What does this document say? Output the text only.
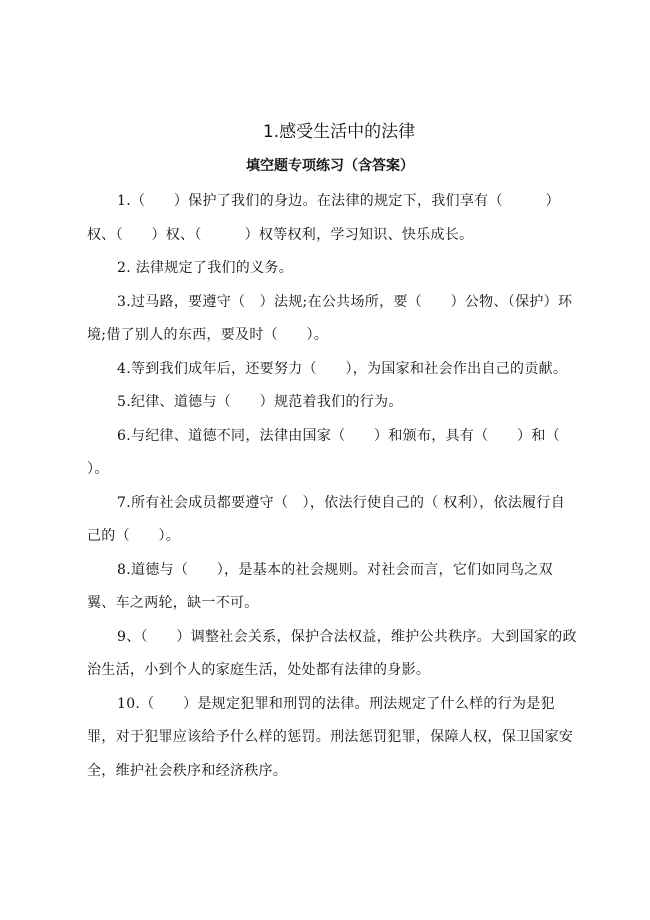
1.感受生活中的法律
填空题专项练习（含答案）

1.（　　）保护了我们的身边。在法律的规定下，我们享有（　　　）权、（　　）权、（　　　）权等权利，学习知识、快乐成长。

2. 法律规定了我们的义务。

3.过马路，要遵守（　）法规;在公共场所，要（　　）公物、（保护）环境;借了别人的东西，要及时（　　）。

4.等到我们成年后，还要努力（　　），为国家和社会作出自己的贡献。

5.纪律、道德与（　　）规范着我们的行为。

6.与纪律、道德不同，法律由国家（　　）和颁布，具有（　　）和（　　）。

7.所有社会成员都要遵守（　），依法行使自己的（ 权利），依法履行自己的（　　）。

8.道德与（　　），是基本的社会规则。对社会而言，它们如同鸟之双翼、车之两轮，缺一不可。

9、（　　）调整社会关系，保护合法权益，维护公共秩序。大到国家的政治生活，小到个人的家庭生活，处处都有法律的身影。

10.（　　）是规定犯罪和刑罚的法律。刑法规定了什么样的行为是犯罪，对于犯罪应该给予什么样的惩罚。刑法惩罚犯罪，保障人权，保卫国家安全，维护社会秩序和经济秩序。
